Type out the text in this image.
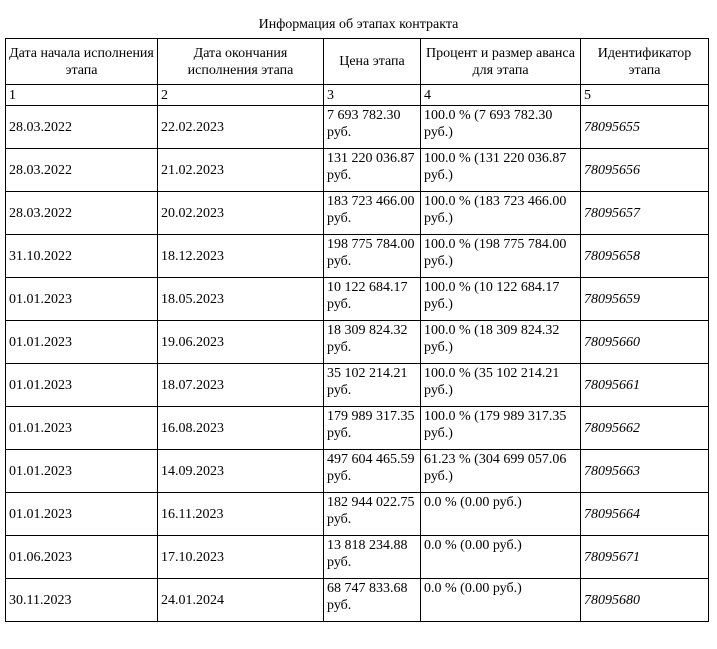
Информация об этапах контракта
Дата начала исполнения этапа	Дата окончания исполнения этапа	Цена этапа	Процент и размер аванса для этапа	Идентификатор этапа
1	2	3	4	5
28.03.2022	22.02.2023	7 693 782.30 руб.	100.0 % (7 693 782.30 руб.)	78095655
28.03.2022	21.02.2023	131 220 036.87 руб.	100.0 % (131 220 036.87 руб.)	78095656
28.03.2022	20.02.2023	183 723 466.00 руб.	100.0 % (183 723 466.00 руб.)	78095657
31.10.2022	18.12.2023	198 775 784.00 руб.	100.0 % (198 775 784.00 руб.)	78095658
01.01.2023	18.05.2023	10 122 684.17 руб.	100.0 % (10 122 684.17 руб.)	78095659
01.01.2023	19.06.2023	18 309 824.32 руб.	100.0 % (18 309 824.32 руб.)	78095660
01.01.2023	18.07.2023	35 102 214.21 руб.	100.0 % (35 102 214.21 руб.)	78095661
01.01.2023	16.08.2023	179 989 317.35 руб.	100.0 % (179 989 317.35 руб.)	78095662
01.01.2023	14.09.2023	497 604 465.59 руб.	61.23 % (304 699 057.06 руб.)	78095663
01.01.2023	16.11.2023	182 944 022.75 руб.	0.0 % (0.00 руб.)	78095664
01.06.2023	17.10.2023	13 818 234.88 руб.	0.0 % (0.00 руб.)	78095671
30.11.2023	24.01.2024	68 747 833.68 руб.	0.0 % (0.00 руб.)	78095680
